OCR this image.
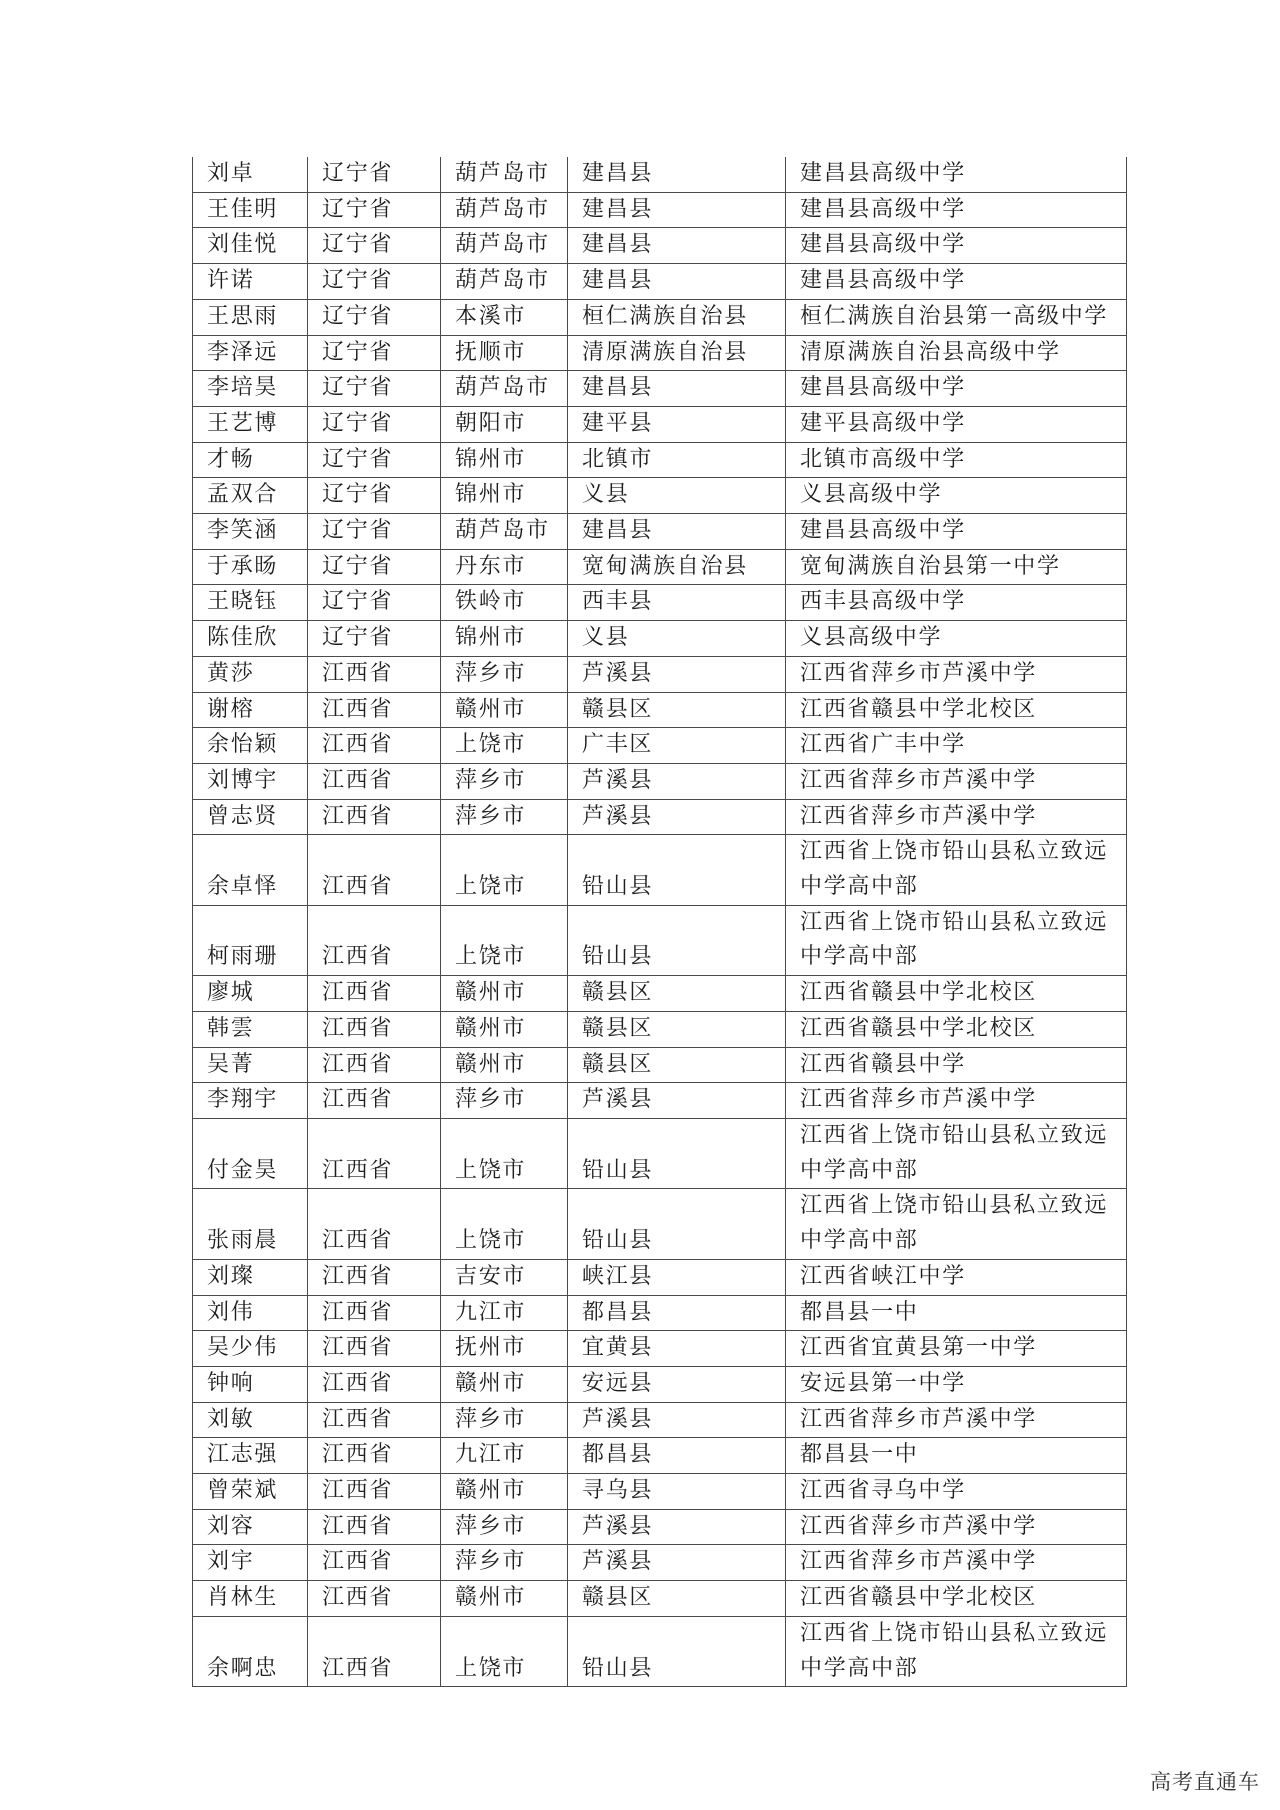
刘卓	辽宁省	葫芦岛市	建昌县	建昌县高级中学
王佳明	辽宁省	葫芦岛市	建昌县	建昌县高级中学
刘佳悦	辽宁省	葫芦岛市	建昌县	建昌县高级中学
许诺	辽宁省	葫芦岛市	建昌县	建昌县高级中学
王思雨	辽宁省	本溪市	桓仁满族自治县	桓仁满族自治县第一高级中学
李泽远	辽宁省	抚顺市	清原满族自治县	清原满族自治县高级中学
李培昊	辽宁省	葫芦岛市	建昌县	建昌县高级中学
王艺博	辽宁省	朝阳市	建平县	建平县高级中学
才畅	辽宁省	锦州市	北镇市	北镇市高级中学
孟双合	辽宁省	锦州市	义县	义县高级中学
李笑涵	辽宁省	葫芦岛市	建昌县	建昌县高级中学
于承旸	辽宁省	丹东市	宽甸满族自治县	宽甸满族自治县第一中学
王晓钰	辽宁省	铁岭市	西丰县	西丰县高级中学
陈佳欣	辽宁省	锦州市	义县	义县高级中学
黄莎	江西省	萍乡市	芦溪县	江西省萍乡市芦溪中学
谢榕	江西省	赣州市	赣县区	江西省赣县中学北校区
余怡颖	江西省	上饶市	广丰区	江西省广丰中学
刘博宇	江西省	萍乡市	芦溪县	江西省萍乡市芦溪中学
曾志贤	江西省	萍乡市	芦溪县	江西省萍乡市芦溪中学
余卓怿	江西省	上饶市	铅山县	江西省上饶市铅山县私立致远中学高中部
柯雨珊	江西省	上饶市	铅山县	江西省上饶市铅山县私立致远中学高中部
廖城	江西省	赣州市	赣县区	江西省赣县中学北校区
韩雲	江西省	赣州市	赣县区	江西省赣县中学北校区
吴菁	江西省	赣州市	赣县区	江西省赣县中学
李翔宇	江西省	萍乡市	芦溪县	江西省萍乡市芦溪中学
付金昊	江西省	上饶市	铅山县	江西省上饶市铅山县私立致远中学高中部
张雨晨	江西省	上饶市	铅山县	江西省上饶市铅山县私立致远中学高中部
刘璨	江西省	吉安市	峡江县	江西省峡江中学
刘伟	江西省	九江市	都昌县	都昌县一中
吴少伟	江西省	抚州市	宜黄县	江西省宜黄县第一中学
钟响	江西省	赣州市	安远县	安远县第一中学
刘敏	江西省	萍乡市	芦溪县	江西省萍乡市芦溪中学
江志强	江西省	九江市	都昌县	都昌县一中
曾荣斌	江西省	赣州市	寻乌县	江西省寻乌中学
刘容	江西省	萍乡市	芦溪县	江西省萍乡市芦溪中学
刘宇	江西省	萍乡市	芦溪县	江西省萍乡市芦溪中学
肖林生	江西省	赣州市	赣县区	江西省赣县中学北校区
余啊忠	江西省	上饶市	铅山县	江西省上饶市铅山县私立致远中学高中部
高考直通车
